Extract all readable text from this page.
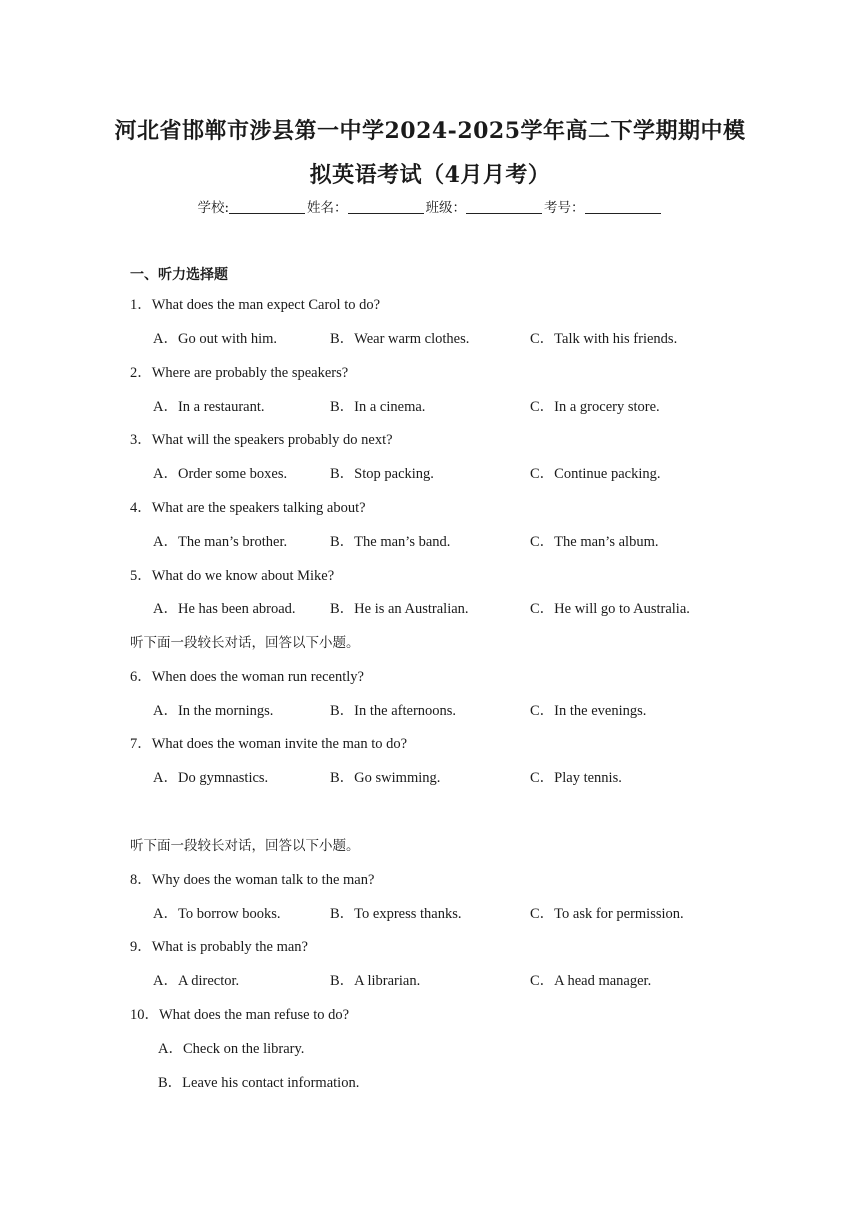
河北省邯郸市涉县第一中学2024-2025学年高二下学期期中模
拟英语考试（4月月考）
学校:	姓名：	班级：	考号：
一、听力选择题
1．What does the man expect Carol to do?
A．Go out with him.	B．Wear warm clothes.	C．Talk with his friends.
2．Where are probably the speakers?
A．In a restaurant.	B．In a cinema.	C．In a grocery store.
3．What will the speakers probably do next?
A．Order some boxes.	B．Stop packing.	C．Continue packing.
4．What are the speakers talking about?
A．The man’s brother.	B．The man’s band.	C．The man’s album.
5．What do we know about Mike?
A．He has been abroad. B．He is an Australian.	C．He will go to Australia.
听下面一段较长对话，回答以下小题。
6．When does the woman run recently?
A．In the mornings.	B．In the afternoons.	C．In the evenings.
7．What does the woman invite the man to do?
A．Do gymnastics.	B．Go swimming.	C．Play tennis.
听下面一段较长对话，回答以下小题。
8．Why does the woman talk to the man?
A．To borrow books.	B．To express thanks.	C．To ask for permission.
9．What is probably the man?
A．A director.	B．A librarian.	C．A head manager.
10．What does the man refuse to do?
A．Check on the library.
B．Leave his contact information.
